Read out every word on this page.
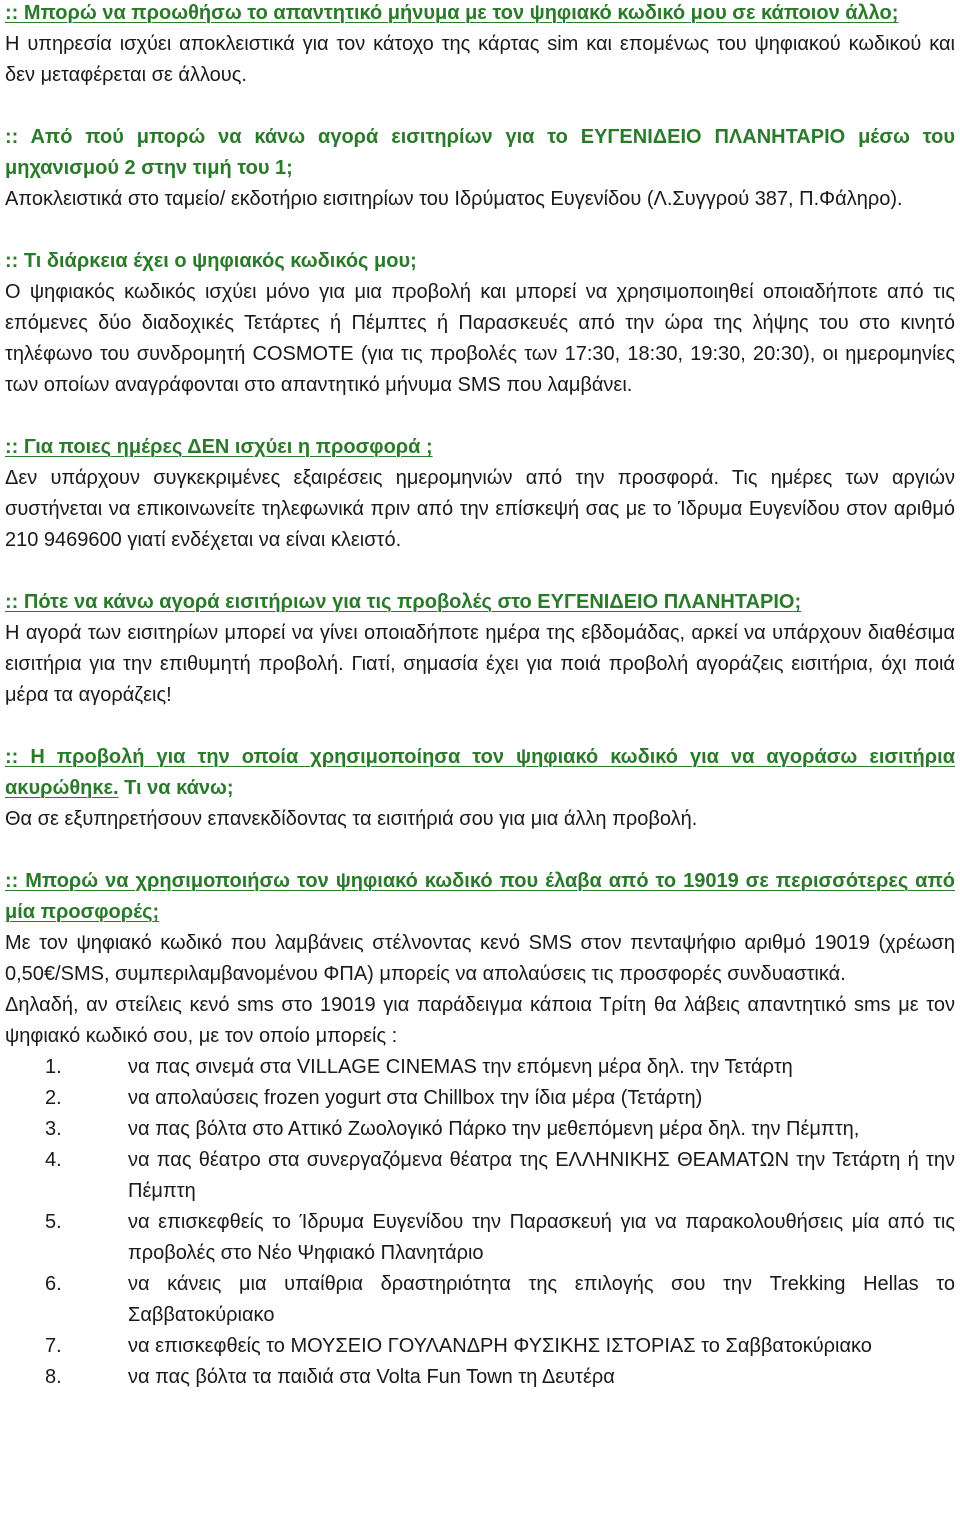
:: Μπορώ να προωθήσω το απαντητικό μήνυμα με τον ψηφιακό κωδικό μου σε κάποιον άλλο;
Η υπηρεσία ισχύει αποκλειστικά για τον κάτοχο της κάρτας sim και επομένως του ψηφιακού κωδικού και δεν μεταφέρεται σε άλλους.
:: Από πού μπορώ να κάνω αγορά εισιτηρίων για το ΕΥΓΕΝΙΔΕΙΟ ΠΛΑΝΗΤΑΡΙΟ μέσω του μηχανισμού 2 στην τιμή του 1;
Αποκλειστικά στο ταμείο/ εκδοτήριο εισιτηρίων του Ιδρύματος Ευγενίδου (Λ.Συγγρού 387, Π.Φάληρο).
:: Τι διάρκεια έχει ο ψηφιακός κωδικός μου;
Ο ψηφιακός κωδικός ισχύει μόνο για μια προβολή και μπορεί να χρησιμοποιηθεί οποιαδήποτε από τις επόμενες δύο διαδοχικές Τετάρτες ή Πέμπτες ή Παρασκευές από την ώρα της λήψης του στο κινητό τηλέφωνο του συνδρομητή COSMOTE (για τις προβολές των 17:30, 18:30, 19:30, 20:30), οι ημερομηνίες των οποίων αναγράφονται στο απαντητικό μήνυμα SMS που λαμβάνει.
:: Για ποιες ημέρες ΔΕΝ ισχύει η προσφορά ;
Δεν υπάρχουν συγκεκριμένες εξαιρέσεις ημερομηνιών από την προσφορά. Τις ημέρες των αργιών συστήνεται να επικοινωνείτε τηλεφωνικά πριν από την επίσκεψή σας με το Ίδρυμα Ευγενίδου στον αριθμό 210 9469600 γιατί ενδέχεται να είναι κλειστό.
:: Πότε να κάνω αγορά εισιτήριων για τις προβολές στο ΕΥΓΕΝΙΔΕΙΟ ΠΛΑΝΗΤΑΡΙΟ;
Η αγορά των εισιτηρίων μπορεί να γίνει οποιαδήποτε ημέρα της εβδομάδας, αρκεί να υπάρχουν διαθέσιμα εισιτήρια για την επιθυμητή προβολή. Γιατί, σημασία έχει για ποιά προβολή αγοράζεις εισιτήρια, όχι ποιά μέρα τα αγοράζεις!
:: Η προβολή για την οποία χρησιμοποίησα τον ψηφιακό κωδικό για να αγοράσω εισιτήρια ακυρώθηκε. Τι να κάνω;
Θα σε εξυπηρετήσουν επανεκδίδοντας τα εισιτήριά σου για μια άλλη προβολή.
:: Μπορώ να χρησιμοποιήσω τον ψηφιακό κωδικό που έλαβα από το 19019 σε περισσότερες από μία προσφορές;
Με τον ψηφιακό κωδικό που λαμβάνεις στέλνοντας κενό SMS στον πενταψήφιο αριθμό 19019 (χρέωση 0,50€/SMS, συμπεριλαμβανομένου ΦΠΑ) μπορείς να απολαύσεις τις προσφορές συνδυαστικά.
Δηλαδή, αν στείλεις κενό sms στο 19019 για παράδειγμα κάποια Τρίτη θα λάβεις απαντητικό sms με τον ψηφιακό κωδικό σου, με τον οποίο μπορείς :
1.	να πας σινεμά στα VILLAGE CINEMAS την επόμενη μέρα δηλ. την Τετάρτη
2.	να απολαύσεις frozen yogurt στα Chillbox την ίδια μέρα (Τετάρτη)
3.	να πας βόλτα στο Αττικό Ζωολογικό Πάρκο την μεθεπόμενη μέρα δηλ. την Πέμπτη,
4.	να πας θέατρο στα συνεργαζόμενα θέατρα της ΕΛΛΗΝΙΚΗΣ ΘΕΑΜΑΤΩΝ την Τετάρτη ή την Πέμπτη
5.	να επισκεφθείς το Ίδρυμα Ευγενίδου την Παρασκευή για να παρακολουθήσεις μία από τις προβολές στο Νέο Ψηφιακό Πλανητάριο
6.	να κάνεις μια υπαίθρια δραστηριότητα της επιλογής σου την Trekking Hellas το Σαββατοκύριακο
7.	να επισκεφθείς το ΜΟΥΣΕΙΟ ΓΟΥΛΑΝΔΡΗ ΦΥΣΙΚΗΣ ΙΣΤΟΡΙΑΣ το Σαββατοκύριακο
8.	να πας βόλτα τα παιδιά στα Volta Fun Town τη Δευτέρα
